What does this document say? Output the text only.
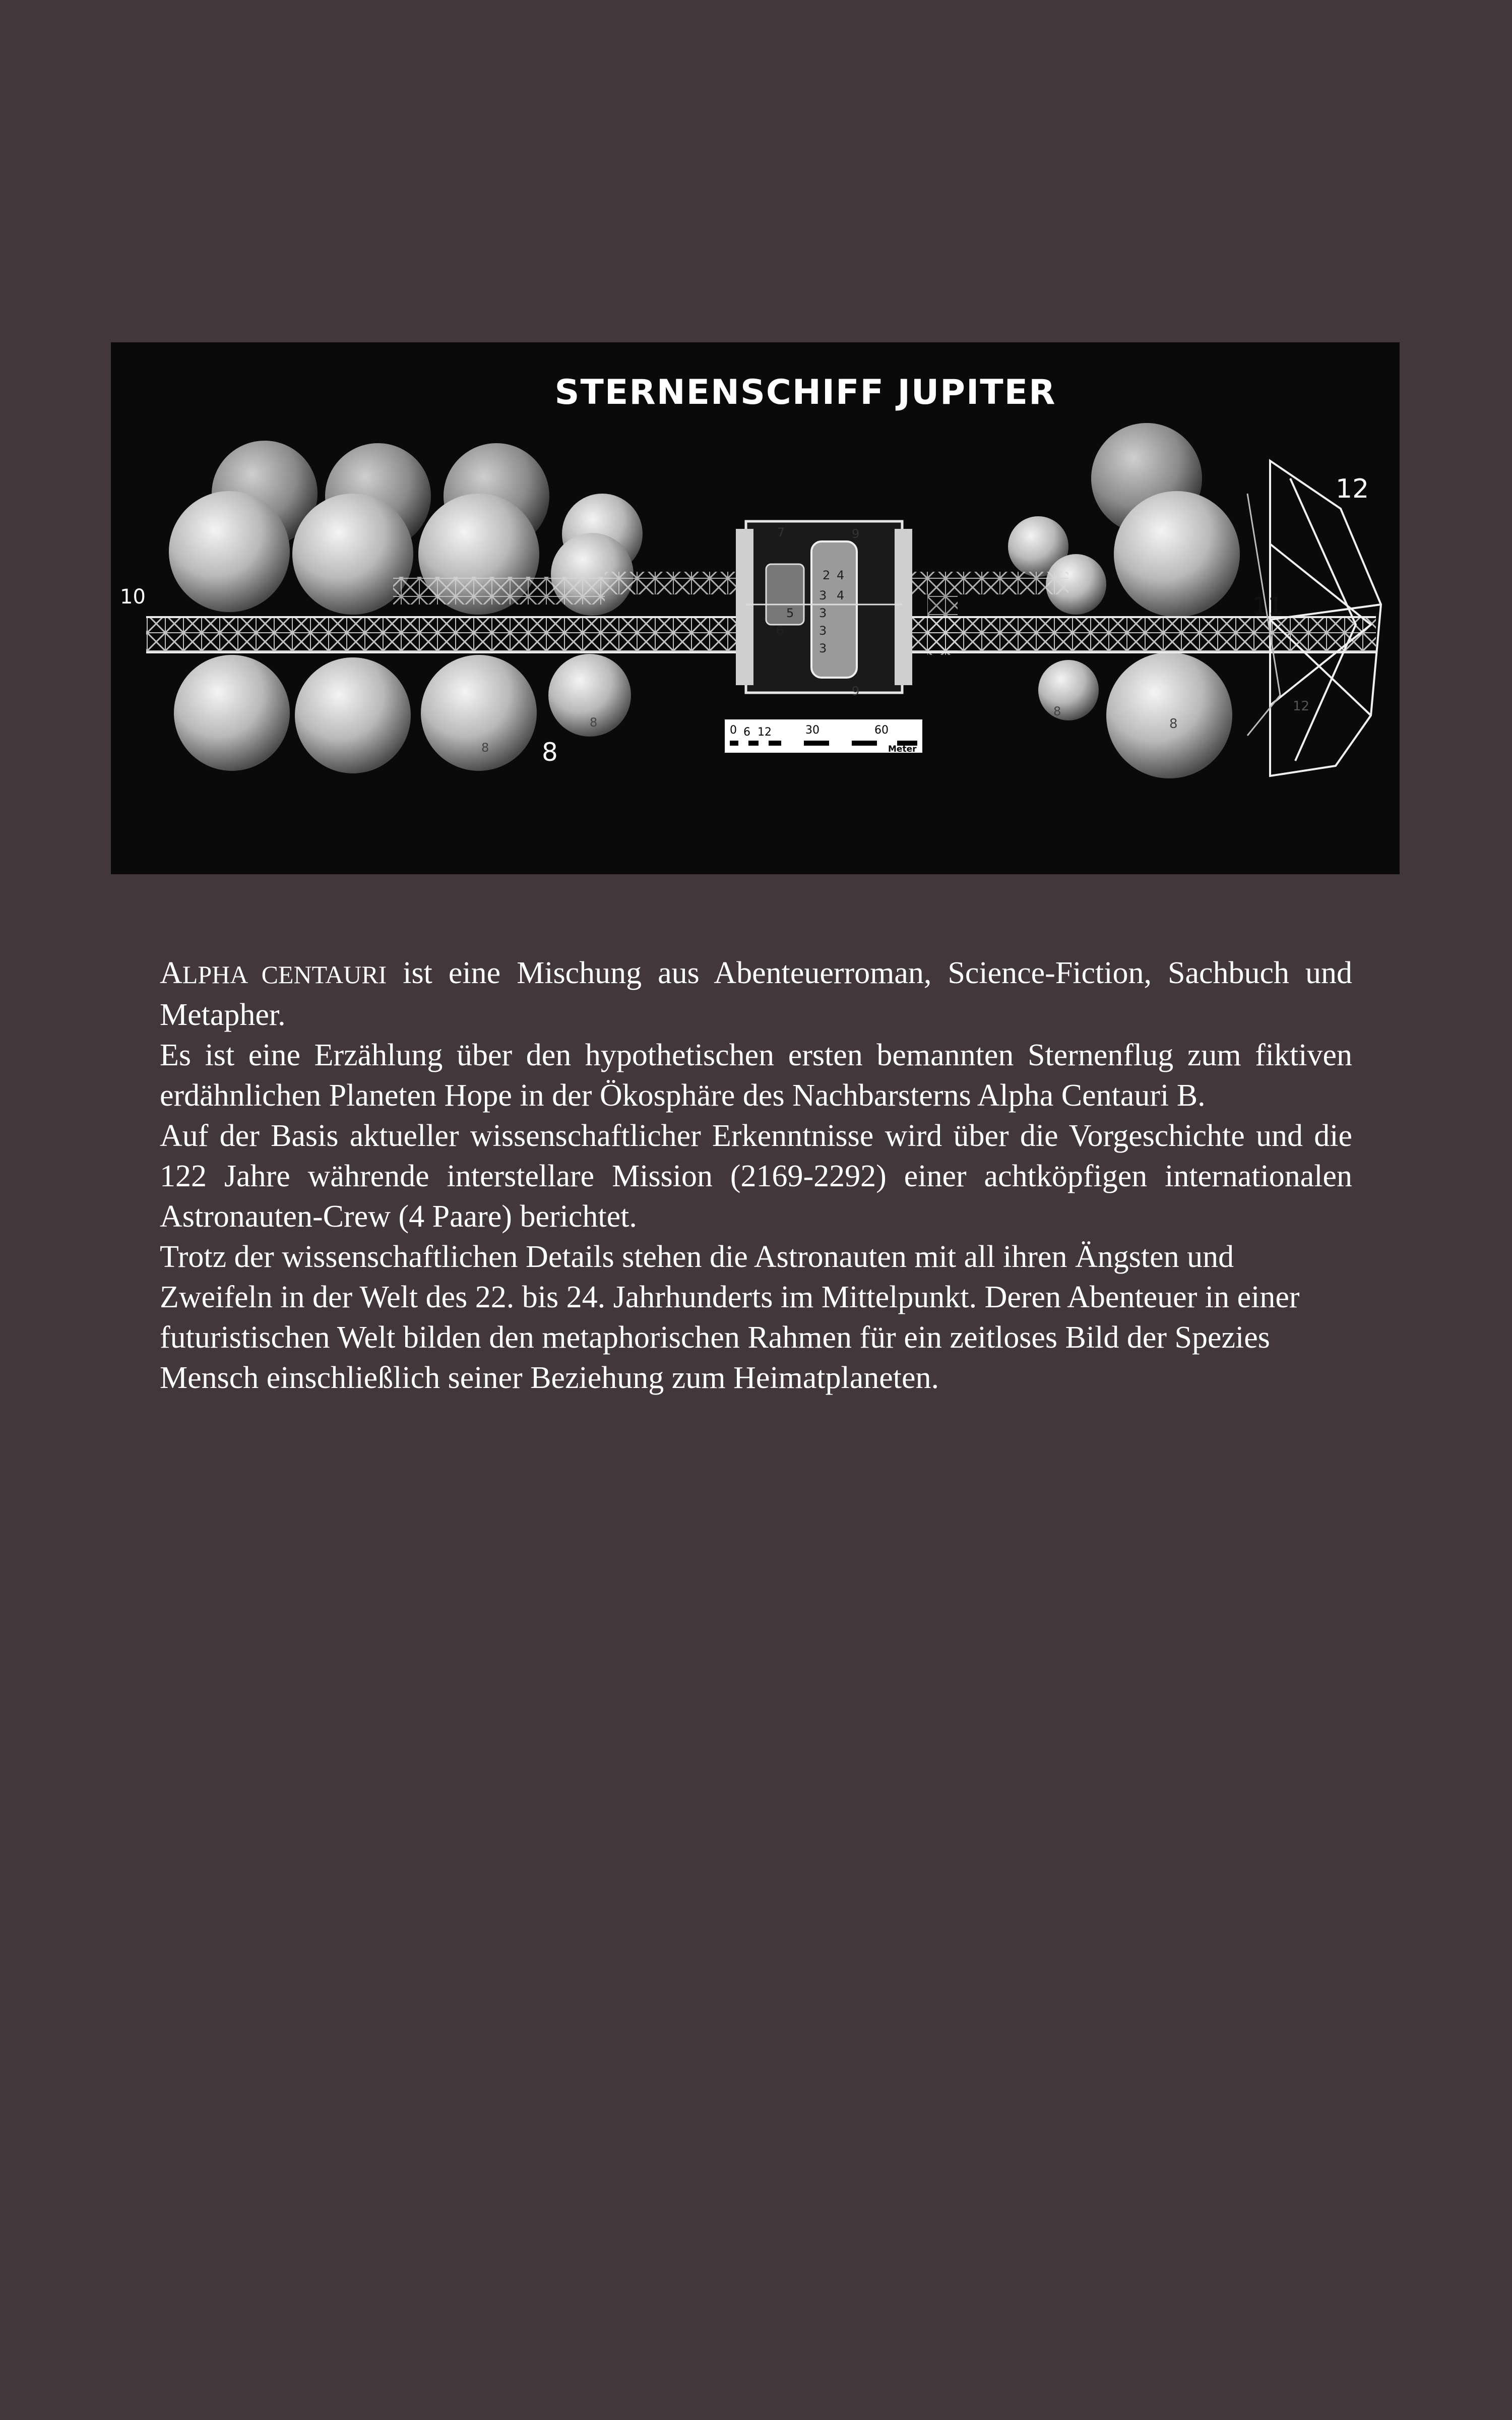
STERNENSCHIFF JUPITER
10	11
12
12
8
8
8
8
8
9
9
7
2 4
3 4
3
5
3
6
3
0 6 12	30	60
Meter

ALPHA CENTAURI ist eine Mischung aus Abenteuerroman, Science-Fiction, Sachbuch und Metapher.

Es ist eine Erzählung über den hypothetischen ersten bemannten Sternenflug zum fiktiven erdähnlichen Planeten Hope in der Ökosphäre des Nachbarsterns Alpha Centauri B.

Auf der Basis aktueller wissenschaftlicher Erkenntnisse wird über die Vorgeschichte und die 122 Jahre währende interstellare Mission (2169-2292) einer achtköpfigen internationalen Astronauten-Crew (4 Paare) berichtet.

Trotz der wissenschaftlichen Details stehen die Astronauten mit all ihren Ängsten und Zweifeln in der Welt des 22. bis 24. Jahrhunderts im Mittelpunkt. Deren Abenteuer in einer futuristischen Welt bilden den metaphorischen Rahmen für ein zeitloses Bild der Spezies Mensch einschließlich seiner Beziehung zum Heimatplaneten.
